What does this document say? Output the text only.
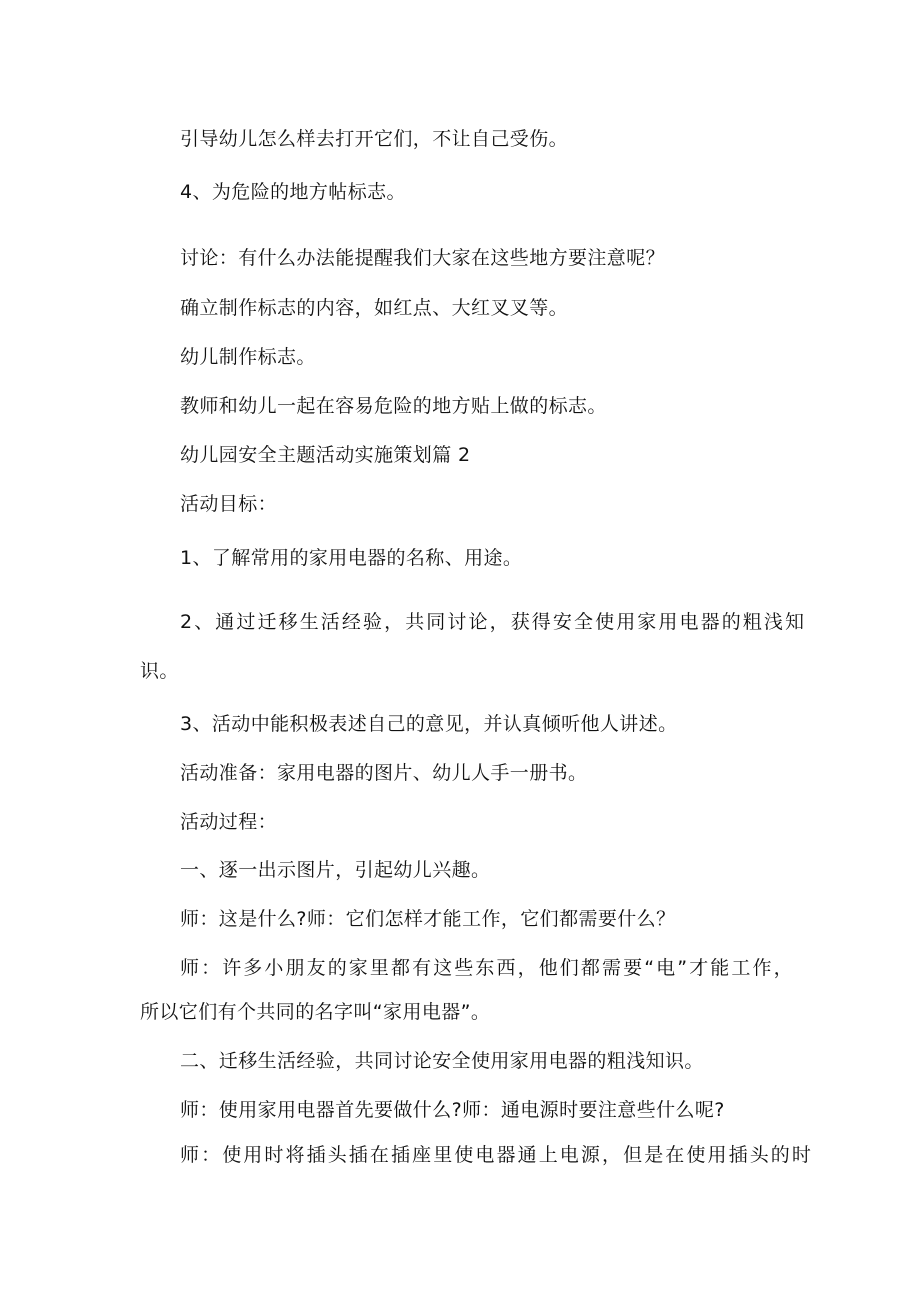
引导幼儿怎么样去打开它们，不让自己受伤。
4、为危险的地方帖标志。
讨论：有什么办法能提醒我们大家在这些地方要注意呢？
确立制作标志的内容，如红点、大红叉叉等。
幼儿制作标志。
教师和幼儿一起在容易危险的地方贴上做的标志。
幼儿园安全主题活动实施策划篇 2
活动目标：
1、了解常用的家用电器的名称、用途。
2、通过迁移生活经验，共同讨论，获得安全使用家用电器的粗浅知
识。
3、活动中能积极表述自己的意见，并认真倾听他人讲述。
活动准备：家用电器的图片、幼儿人手一册书。
活动过程：
一、逐一出示图片，引起幼儿兴趣。
师：这是什么?师：它们怎样才能工作，它们都需要什么？
师：许多小朋友的家里都有这些东西，他们都需要“电”才能工作，
所以它们有个共同的名字叫“家用电器”。
二、迁移生活经验，共同讨论安全使用家用电器的粗浅知识。
师：使用家用电器首先要做什么?师：通电源时要注意些什么呢?
师：使用时将插头插在插座里使电器通上电源，但是在使用插头的时
